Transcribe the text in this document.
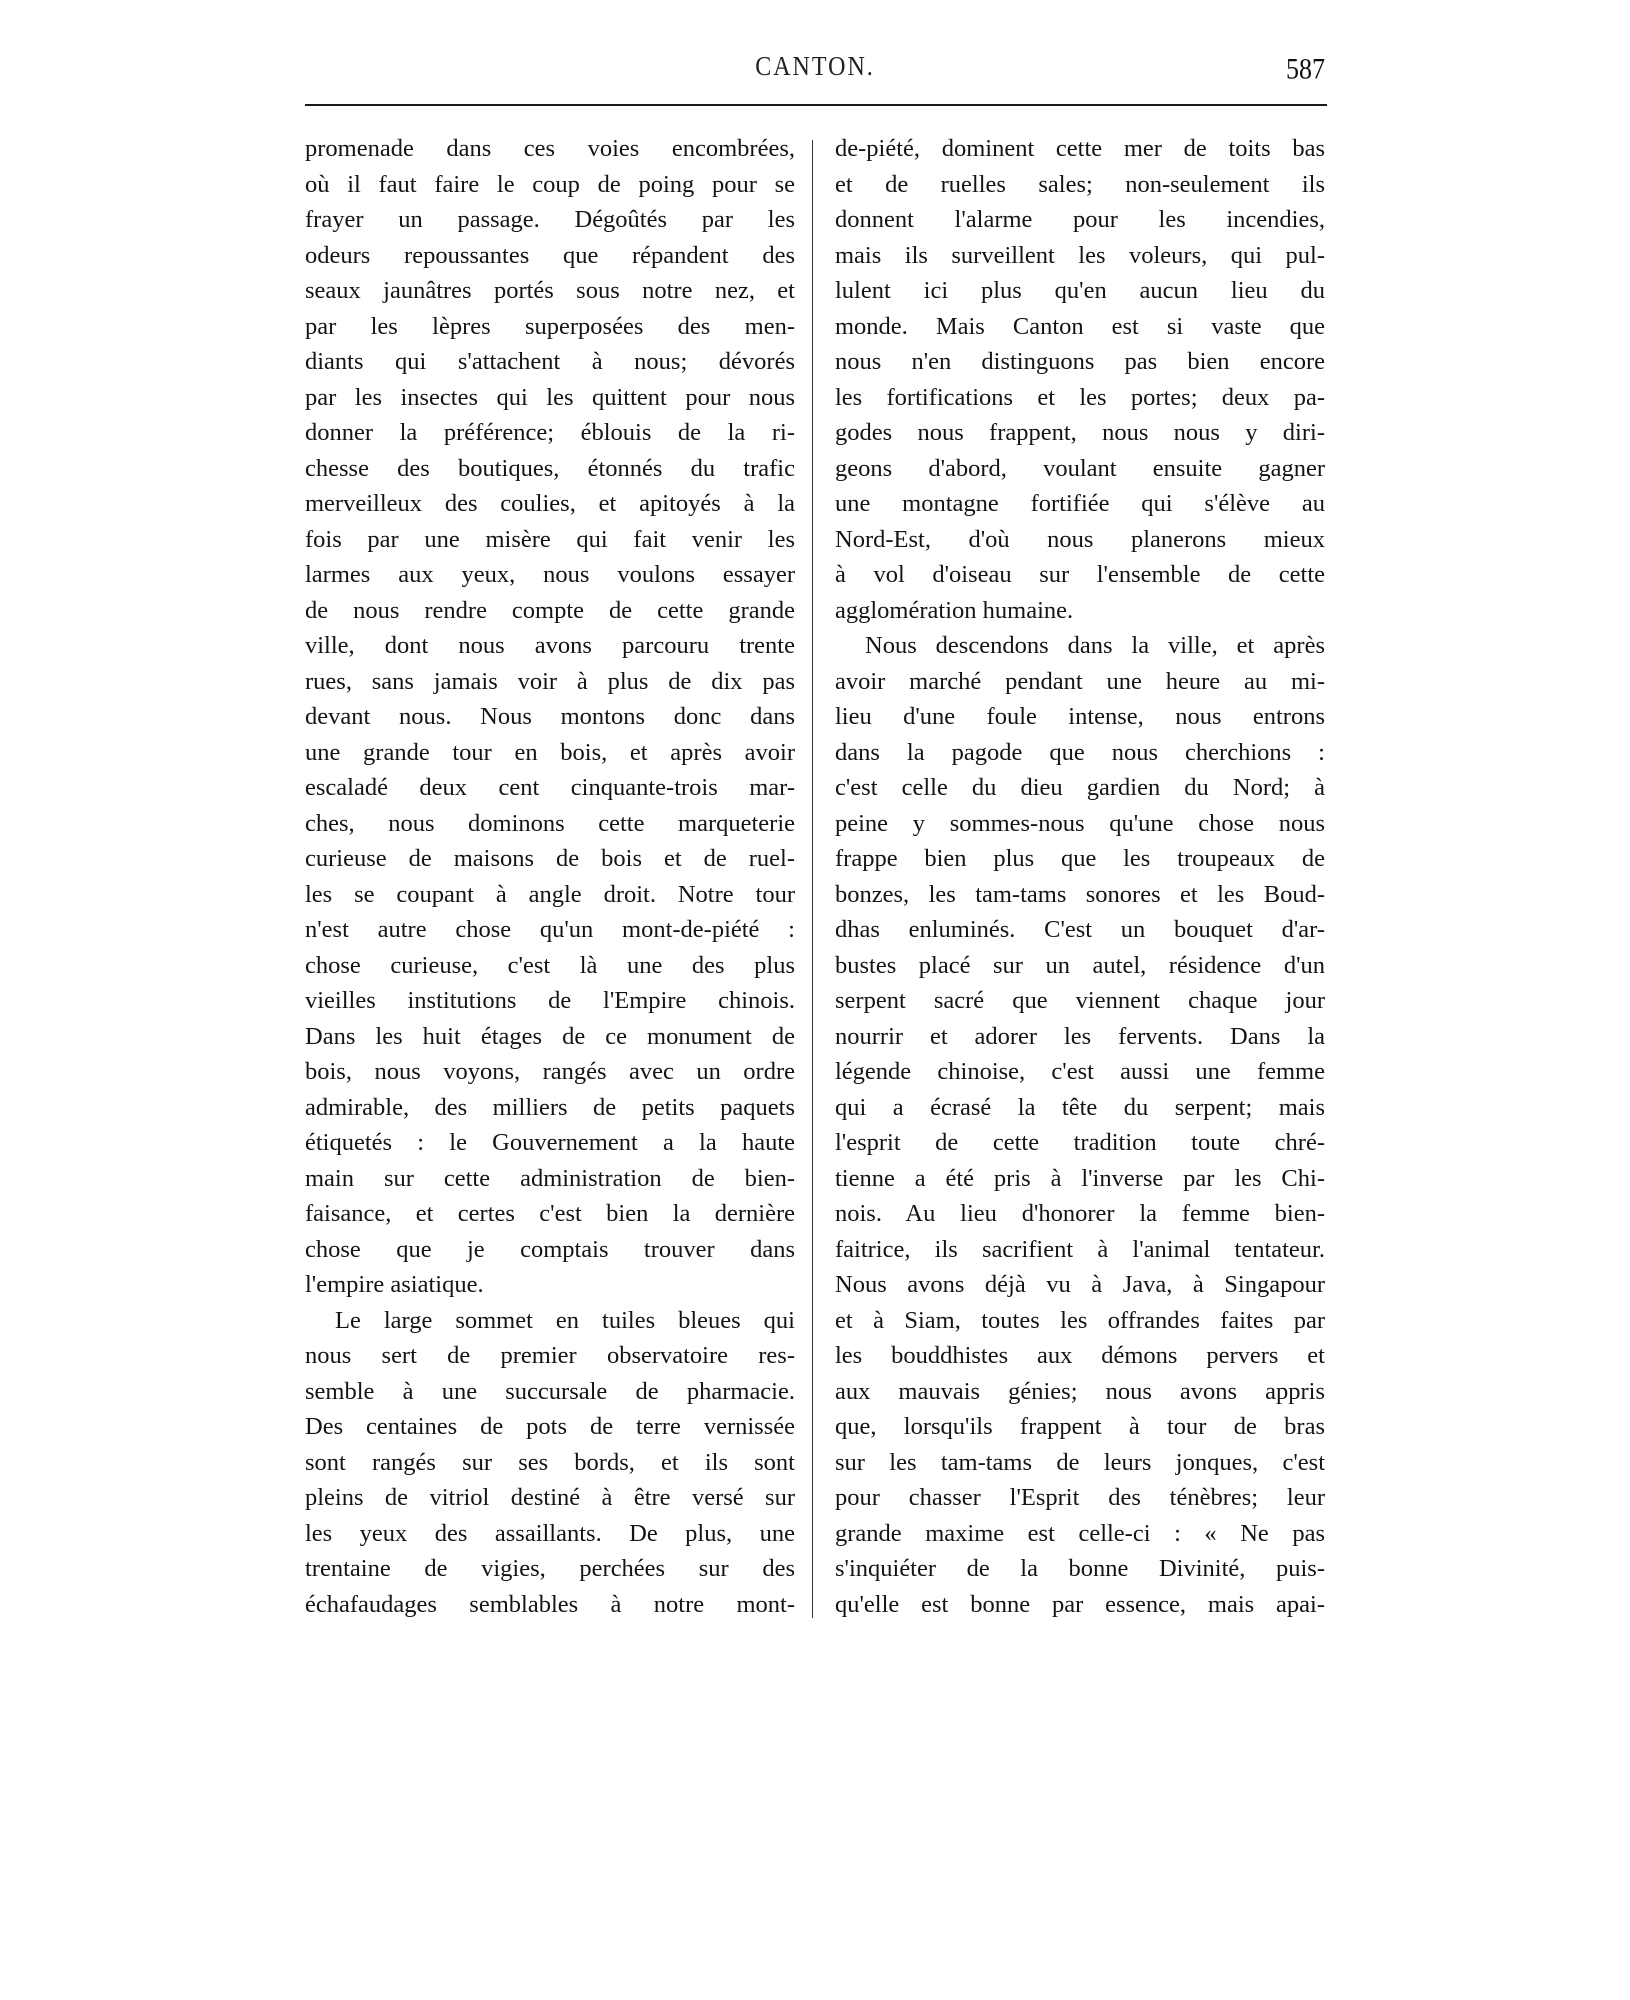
CANTON.	587
promenade dans ces voies encombrées,
où il faut faire le coup de poing pour se
frayer un passage. Dégoûtés par les
odeurs repoussantes que répandent des
seaux jaunâtres portés sous notre nez, et
par les lèpres superposées des men-
diants qui s'attachent à nous; dévorés
par les insectes qui les quittent pour nous
donner la préférence; éblouis de la ri-
chesse des boutiques, étonnés du trafic
merveilleux des coulies, et apitoyés à la
fois par une misère qui fait venir les
larmes aux yeux, nous voulons essayer
de nous rendre compte de cette grande
ville, dont nous avons parcouru trente
rues, sans jamais voir à plus de dix pas
devant nous. Nous montons donc dans
une grande tour en bois, et après avoir
escaladé deux cent cinquante-trois mar-
ches, nous dominons cette marqueterie
curieuse de maisons de bois et de ruel-
les se coupant à angle droit. Notre tour
n'est autre chose qu'un mont-de-piété :
chose curieuse, c'est là une des plus
vieilles institutions de l'Empire chinois.
Dans les huit étages de ce monument de
bois, nous voyons, rangés avec un ordre
admirable, des milliers de petits paquets
étiquetés : le Gouvernement a la haute
main sur cette administration de bien-
faisance, et certes c'est bien la dernière
chose que je comptais trouver dans
l'empire asiatique.
Le large sommet en tuiles bleues qui
nous sert de premier observatoire res-
semble à une succursale de pharmacie.
Des centaines de pots de terre vernissée
sont rangés sur ses bords, et ils sont
pleins de vitriol destiné à être versé sur
les yeux des assaillants. De plus, une
trentaine de vigies, perchées sur des
échafaudages semblables à notre mont-
de-piété, dominent cette mer de toits bas
et de ruelles sales; non-seulement ils
donnent l'alarme pour les incendies,
mais ils surveillent les voleurs, qui pul-
lulent ici plus qu'en aucun lieu du
monde. Mais Canton est si vaste que
nous n'en distinguons pas bien encore
les fortifications et les portes; deux pa-
godes nous frappent, nous nous y diri-
geons d'abord, voulant ensuite gagner
une montagne fortifiée qui s'élève au
Nord-Est, d'où nous planerons mieux
à vol d'oiseau sur l'ensemble de cette
agglomération humaine.
Nous descendons dans la ville, et après
avoir marché pendant une heure au mi-
lieu d'une foule intense, nous entrons
dans la pagode que nous cherchions :
c'est celle du dieu gardien du Nord; à
peine y sommes-nous qu'une chose nous
frappe bien plus que les troupeaux de
bonzes, les tam-tams sonores et les Boud-
dhas enluminés. C'est un bouquet d'ar-
bustes placé sur un autel, résidence d'un
serpent sacré que viennent chaque jour
nourrir et adorer les fervents. Dans la
légende chinoise, c'est aussi une femme
qui a écrasé la tête du serpent; mais
l'esprit de cette tradition toute chré-
tienne a été pris à l'inverse par les Chi-
nois. Au lieu d'honorer la femme bien-
faitrice, ils sacrifient à l'animal tentateur.
Nous avons déjà vu à Java, à Singapour
et à Siam, toutes les offrandes faites par
les bouddhistes aux démons pervers et
aux mauvais génies; nous avons appris
que, lorsqu'ils frappent à tour de bras
sur les tam-tams de leurs jonques, c'est
pour chasser l'Esprit des ténèbres; leur
grande maxime est celle-ci : « Ne pas
s'inquiéter de la bonne Divinité, puis-
qu'elle est bonne par essence, mais apai-
